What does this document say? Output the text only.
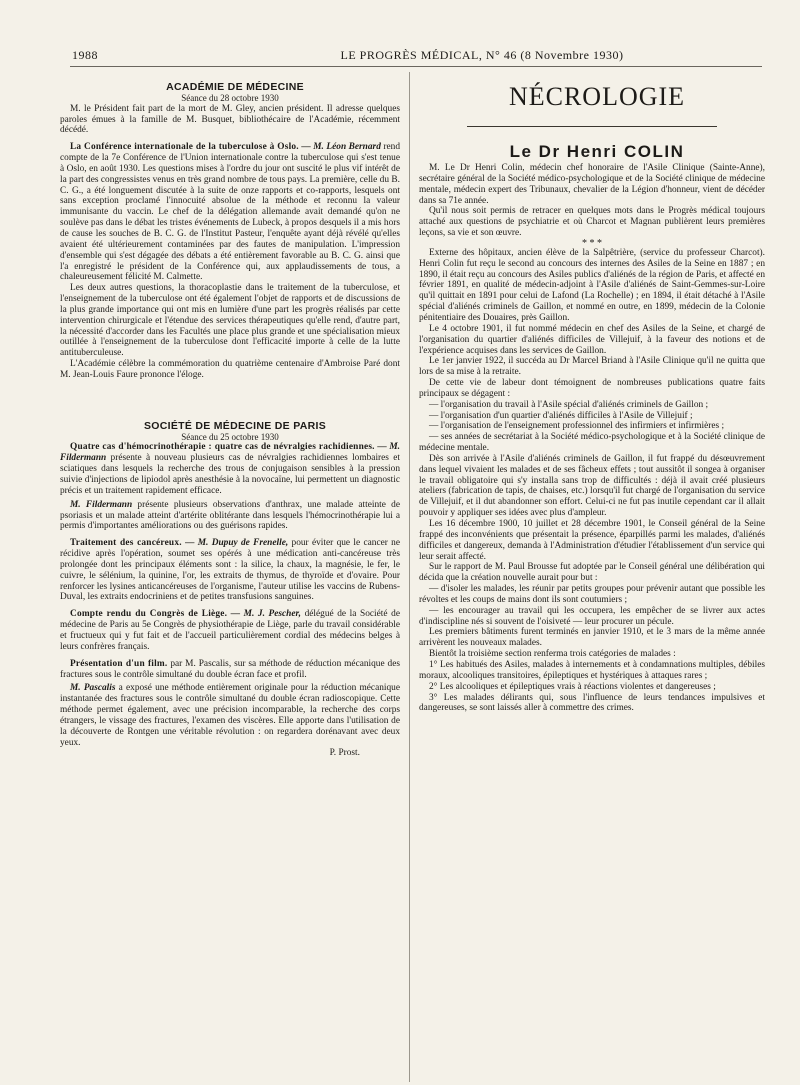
1988	LE PROGRÈS MÉDICAL, N° 46 (8 Novembre 1930)

ACADÉMIE DE MÉDECINE

Séance du 28 octobre 1930

M. le Président fait part de la mort de M. Gley, ancien président. Il adresse quelques paroles émues à la famille de M. Busquet, bibliothécaire de l'Académie, récemment décédé.

La Conférence internationale de la tuberculose à Oslo. — M. Léon Bernard rend compte de la 7e Conférence de l'Union internationale contre la tuberculose qui s'est tenue à Oslo, en août 1930. Les questions mises à l'ordre du jour ont suscité le plus vif intérêt de la part des congressistes venus en très grand nombre de tous pays. La première, celle du B. C. G., a été longuement discutée à la suite de onze rapports et co-rapports, lesquels ont sans exception proclamé l'innocuité absolue de la méthode et reconnu la valeur immunisante du vaccin. Le chef de la délégation allemande avait demandé qu'on ne soulève pas dans le débat les tristes événements de Lubeck, à propos desquels il a mis hors de cause les souches de B. C. G. de l'Institut Pasteur, l'enquête ayant déjà révélé qu'elles avaient été ultérieurement contaminées par des fautes de manipulation. L'impression d'ensemble qui s'est dégagée des débats a été entièrement favorable au B. C. G. ainsi que l'a enregistré le président de la Conférence qui, aux applaudissements de tous, a chaleureusement félicité M. Calmette.

Les deux autres questions, la thoracoplastie dans le traitement de la tuberculose, et l'enseignement de la tuberculose ont été également l'objet de rapports et de discussions de la plus grande importance qui ont mis en lumière d'une part les progrès réalisés par cette intervention chirurgicale et l'étendue des services thérapeutiques qu'elle rend, d'autre part, la nécessité d'accorder dans les Facultés une place plus grande et une spécialisation mieux outillée à l'enseignement de la tuberculose dont l'efficacité importe à celle de la lutte antituberculeuse.

L'Académie célèbre la commémoration du quatrième centenaire d'Ambroise Paré dont M. Jean-Louis Faure prononce l'éloge.

SOCIÉTÉ DE MÉDECINE DE PARIS

Séance du 25 octobre 1930

Quatre cas d'hémocrinothérapie : quatre cas de névralgies rachidiennes. — M. Fildermann présente à nouveau plusieurs cas de névralgies rachidiennes lombaires et sciatiques dans lesquels la recherche des trous de conjugaison sensibles à la pression suivie d'injections de lipiodol après anesthésie à la novocaïne, lui permettent un diagnostic précis et un traitement rapidement efficace.

M. Fildermann présente plusieurs observations d'anthrax, une malade atteinte de psoriasis et un malade atteint d'artérite oblitérante dans lesquels l'hémocrinothérapie lui a permis d'importantes améliorations ou des guérisons rapides.

Traitement des cancéreux. — M. Dupuy de Frenelle, pour éviter que le cancer ne récidive après l'opération, soumet ses opérés à une médication anti-cancéreuse très prolongée dont les principaux éléments sont : la silice, la chaux, la magnésie, le fer, le cuivre, le sélénium, la quinine, l'or, les extraits de thymus, de thyroïde et d'ovaire. Pour renforcer les lysines anticancéreuses de l'organisme, l'auteur utilise les vaccins de Rubens-Duval, les extraits endocriniens et de petites transfusions sanguines.

Compte rendu du Congrès de Liège. — M. J. Pescher, délégué de la Société de médecine de Paris au 5e Congrès de physiothérapie de Liège, parle du travail considérable et fructueux qui y fut fait et de l'accueil particulièrement cordial des médecins belges à leurs confrères français.

Présentation d'un film. par M. Pascalis, sur sa méthode de réduction mécanique des fractures sous le contrôle simultané du double écran face et profil.

M. Pascalis a exposé une méthode entièrement originale pour la réduction mécanique instantanée des fractures sous le contrôle simultané du double écran radioscopique. Cette méthode permet également, avec une précision incomparable, la recherche des corps étrangers, le vissage des fractures, l'examen des viscères. Elle apporte dans l'utilisation de la découverte de Rontgen une véritable révolution : on regardera dorénavant avec deux yeux.

P. Prost.

NÉCROLOGIE

Le Dr Henri COLIN

M. Le Dr Henri Colin, médecin chef honoraire de l'Asile Clinique (Sainte-Anne), secrétaire général de la Société médico-psychologique et de la Société clinique de médecine mentale, médecin expert des Tribunaux, chevalier de la Légion d'honneur, vient de décéder dans sa 71e année.

Qu'il nous soit permis de retracer en quelques mots dans le Progrès médical toujours attaché aux questions de psychiatrie et où Charcot et Magnan publièrent leurs premières leçons, sa vie et son œuvre.

* * *

Externe des hôpitaux, ancien élève de la Salpêtrière, (service du professeur Charcot). Henri Colin fut reçu le second au concours des internes des Asiles de la Seine en 1887 ; en 1890, il était reçu au concours des Asiles publics d'aliénés de la région de Paris, et affecté en février 1891, en qualité de médecin-adjoint à l'Asile d'aliénés de Saint-Gemmes-sur-Loire qu'il quittait en 1891 pour celui de Lafond (La Rochelle) ; en 1894, il était détaché à l'Asile spécial d'aliénés criminels de Gaillon, et nommé en outre, en 1899, médecin de la Colonie pénitentiaire des Douaires, près Gaillon.

Le 4 octobre 1901, il fut nommé médecin en chef des Asiles de la Seine, et chargé de l'organisation du quartier d'aliénés difficiles de Villejuif, à la faveur des notions et de l'expérience acquises dans les services de Gaillon.

Le 1er janvier 1922, il succéda au Dr Marcel Briand à l'Asile Clinique qu'il ne quitta que lors de sa mise à la retraite.

De cette vie de labeur dont témoignent de nombreuses publications quatre faits principaux se dégagent :

— l'organisation du travail à l'Asile spécial d'aliénés criminels de Gaillon ;

— l'organisation d'un quartier d'aliénés difficiles à l'Asile de Villejuif ;

— l'organisation de l'enseignement professionnel des infirmiers et infirmières ;

— ses années de secrétariat à la Société médico-psychologique et à la Société clinique de médecine mentale.

Dès son arrivée à l'Asile d'aliénés criminels de Gaillon, il fut frappé du désœuvrement dans lequel vivaient les malades et de ses fâcheux effets ; tout aussitôt il songea à organiser le travail obligatoire qui s'y installa sans trop de difficultés : déjà il avait créé plusieurs ateliers (fabrication de tapis, de chaises, etc.) lorsqu'il fut chargé de l'organisation du service de Villejuif, et il dut abandonner son effort. Celui-ci ne fut pas inutile cependant car il allait pouvoir y appliquer ses idées avec plus d'ampleur.

Les 16 décembre 1900, 10 juillet et 28 décembre 1901, le Conseil général de la Seine frappé des inconvénients que présentait la présence, éparpillés parmi les malades, d'aliénés difficiles et dangereux, demanda à l'Administration d'étudier l'établissement d'un service qui leur serait affecté.

Sur le rapport de M. Paul Brousse fut adoptée par le Conseil général une délibération qui décida que la création nouvelle aurait pour but :

— d'isoler les malades, les réunir par petits groupes pour prévenir autant que possible les révoltes et les coups de mains dont ils sont coutumiers ;

— les encourager au travail qui les occupera, les empêcher de se livrer aux actes d'indiscipline nés si souvent de l'oisiveté — leur procurer un pécule.

Les premiers bâtiments furent terminés en janvier 1910, et le 3 mars de la même année arrivèrent les nouveaux malades.

Bientôt la troisième section renferma trois catégories de malades :

1° Les habitués des Asiles, malades à internements et à condamnations multiples, débiles moraux, alcooliques transitoires, épileptiques et hystériques à attaques rares ;

2° Les alcooliques et épileptiques vrais à réactions violentes et dangereuses ;

3° Les malades délirants qui, sous l'influence de leurs tendances impulsives et dangereuses, se sont laissés aller à commettre des crimes.
